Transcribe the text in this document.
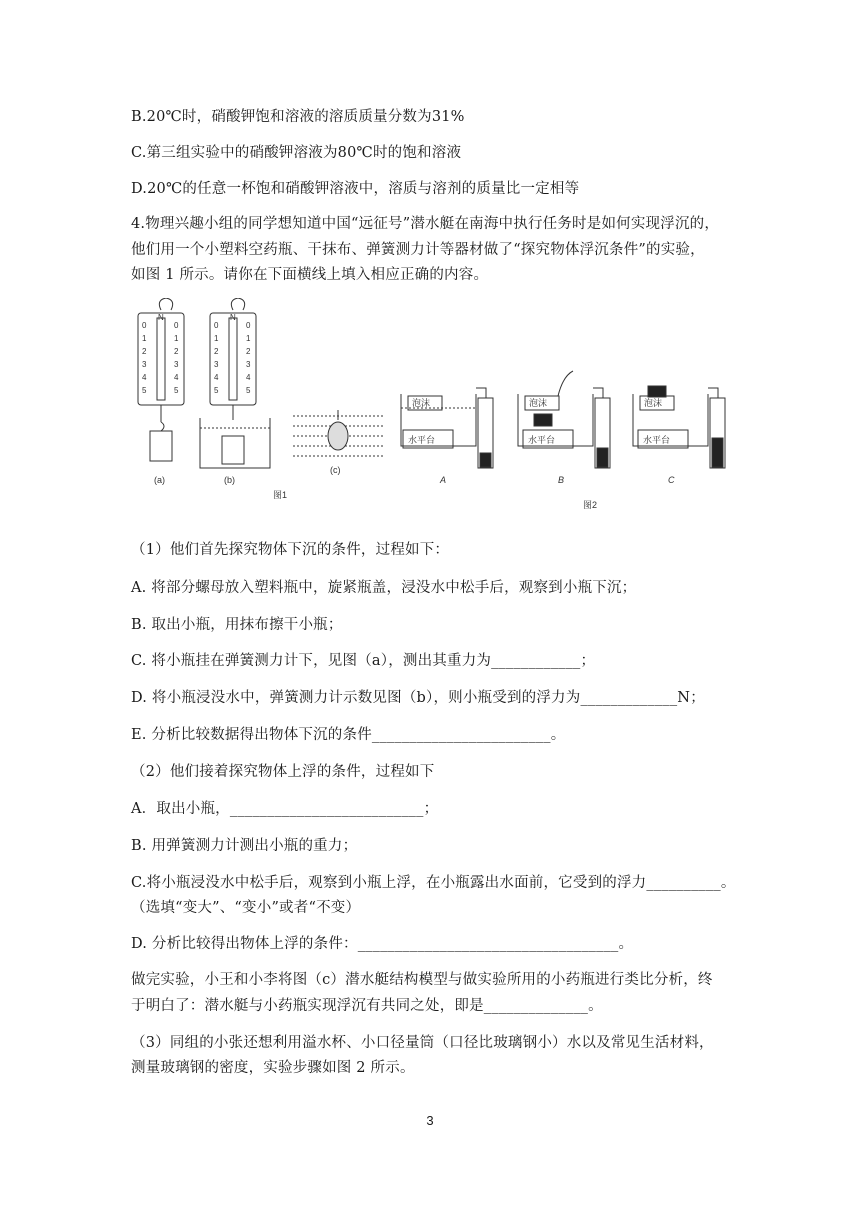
B.20℃时，硝酸钾饱和溶液的溶质质量分数为31%
C.第三组实验中的硝酸钾溶液为80℃时的饱和溶液
D.20℃的任意一杯饱和硝酸钾溶液中，溶质与溶剂的质量比一定相等
4.物理兴趣小组的同学想知道中国“远征号”潜水艇在南海中执行任务时是如何实现浮沉的，
他们用一个小塑料空药瓶、干抹布、弹簧测力计等器材做了“探究物体浮沉条件”的实验，
如图 1 所示。请你在下面横线上填入相应正确的内容。
N
0
1
2
3
4
5
0
1
2
3
4
5
N
0
1
2
3
4
5
0
1
2
3
4
5
(a)	(b)
(c)
图1
图2
泡沫	泡沫	泡沫
水平台	水平台	水平台
A	B	C
（1）他们首先探究物体下沉的条件，过程如下：
A. 将部分螺母放入塑料瓶中，旋紧瓶盖，浸没水中松手后，观察到小瓶下沉；
B. 取出小瓶，用抹布擦干小瓶；
C. 将小瓶挂在弹簧测力计下，见图（a），测出其重力为____________；
D. 将小瓶浸没水中，弹簧测力计示数见图（b），则小瓶受到的浮力为_____________N；
E. 分析比较数据得出物体下沉的条件________________________。
（2）他们接着探究物体上浮的条件，过程如下
A．取出小瓶，__________________________；
B. 用弹簧测力计测出小瓶的重力；
C.将小瓶浸没水中松手后，观察到小瓶上浮，在小瓶露出水面前，它受到的浮力__________。
（选填“变大”、“变小”或者“不变）
D. 分析比较得出物体上浮的条件：___________________________________。
做完实验，小王和小李将图（c）潜水艇结构模型与做实验所用的小药瓶进行类比分析，终
于明白了：潜水艇与小药瓶实现浮沉有共同之处，即是______________。
（3）同组的小张还想利用溢水杯、小口径量筒（口径比玻璃钢小）水以及常见生活材料，
测量玻璃钢的密度，实验步骤如图 2 所示。
3
